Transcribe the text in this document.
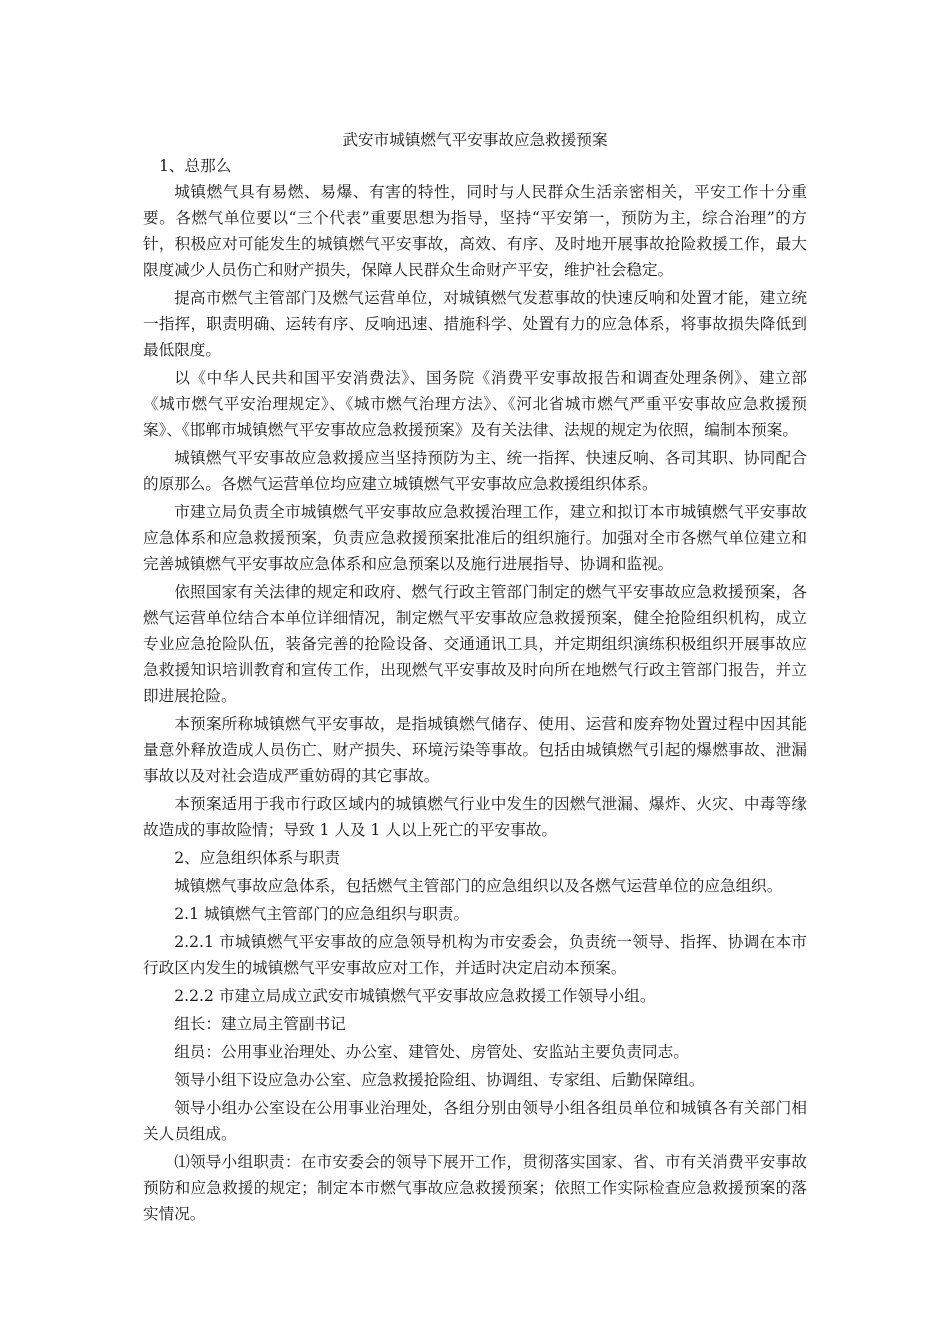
武安市城镇燃气平安事故应急救援预案

1、总那么

城镇燃气具有易燃、易爆、有害的特性，同时与人民群众生活亲密相关，平安工作十分重要。各燃气单位要以“三个代表”重要思想为指导，坚持“平安第一，预防为主，综合治理”的方针，积极应对可能发生的城镇燃气平安事故，高效、有序、及时地开展事故抢险救援工作，最大限度减少人员伤亡和财产损失，保障人民群众生命财产平安，维护社会稳定。

提高市燃气主管部门及燃气运营单位，对城镇燃气发惹事故的快速反响和处置才能，建立统一指挥，职责明确、运转有序、反响迅速、措施科学、处置有力的应急体系，将事故损失降低到最低限度。

以《中华人民共和国平安消费法》、国务院《消费平安事故报告和调查处理条例》、建立部《城市燃气平安治理规定》、《城市燃气治理方法》、《河北省城市燃气严重平安事故应急救援预案》、《邯郸市城镇燃气平安事故应急救援预案》及有关法律、法规的规定为依照，编制本预案。

城镇燃气平安事故应急救援应当坚持预防为主、统一指挥、快速反响、各司其职、协同配合的原那么。各燃气运营单位均应建立城镇燃气平安事故应急救援组织体系。

市建立局负责全市城镇燃气平安事故应急救援治理工作，建立和拟订本市城镇燃气平安事故应急体系和应急救援预案，负责应急救援预案批准后的组织施行。加强对全市各燃气单位建立和完善城镇燃气平安事故应急体系和应急预案以及施行进展指导、协调和监视。

依照国家有关法律的规定和政府、燃气行政主管部门制定的燃气平安事故应急救援预案，各燃气运营单位结合本单位详细情况，制定燃气平安事故应急救援预案，健全抢险组织机构，成立专业应急抢险队伍，装备完善的抢险设备、交通通讯工具，并定期组织演练积极组织开展事故应急救援知识培训教育和宣传工作，出现燃气平安事故及时向所在地燃气行政主管部门报告，并立即进展抢险。

本预案所称城镇燃气平安事故，是指城镇燃气储存、使用、运营和废弃物处置过程中因其能量意外释放造成人员伤亡、财产损失、环境污染等事故。包括由城镇燃气引起的爆燃事故、泄漏事故以及对社会造成严重妨碍的其它事故。

本预案适用于我市行政区域内的城镇燃气行业中发生的因燃气泄漏、爆炸、火灾、中毒等缘故造成的事故险情；导致 1 人及 1 人以上死亡的平安事故。

2、应急组织体系与职责

城镇燃气事故应急体系，包括燃气主管部门的应急组织以及各燃气运营单位的应急组织。

2.1 城镇燃气主管部门的应急组织与职责。

2.2.1 市城镇燃气平安事故的应急领导机构为市安委会，负责统一领导、指挥、协调在本市行政区内发生的城镇燃气平安事故应对工作，并适时决定启动本预案。

2.2.2 市建立局成立武安市城镇燃气平安事故应急救援工作领导小组。

组长：建立局主管副书记

组员：公用事业治理处、办公室、建管处、房管处、安监站主要负责同志。

领导小组下设应急办公室、应急救援抢险组、协调组、专家组、后勤保障组。

领导小组办公室设在公用事业治理处，各组分别由领导小组各组员单位和城镇各有关部门相关人员组成。

⑴领导小组职责：在市安委会的领导下展开工作，贯彻落实国家、省、市有关消费平安事故预防和应急救援的规定；制定本市燃气事故应急救援预案；依照工作实际检查应急救援预案的落实情况。
